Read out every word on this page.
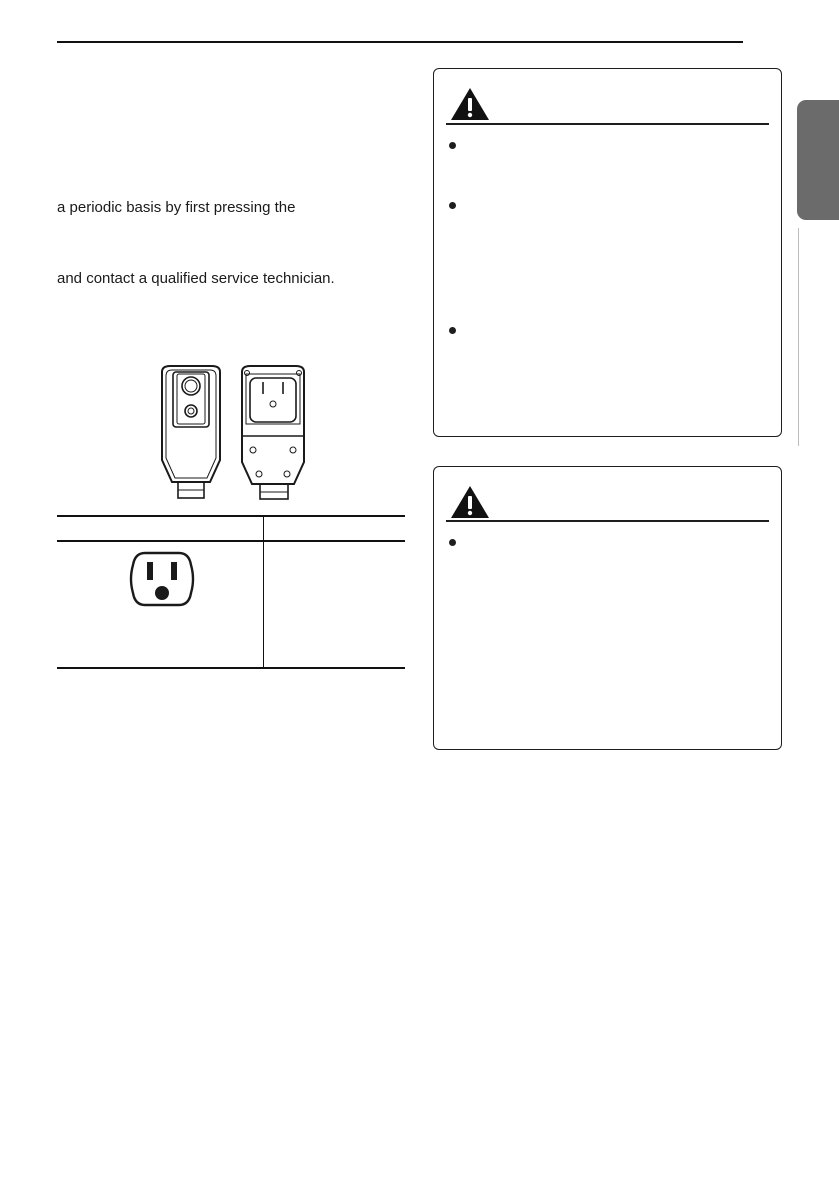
a periodic basis by first pressing the
and contact a qualified service technician.
